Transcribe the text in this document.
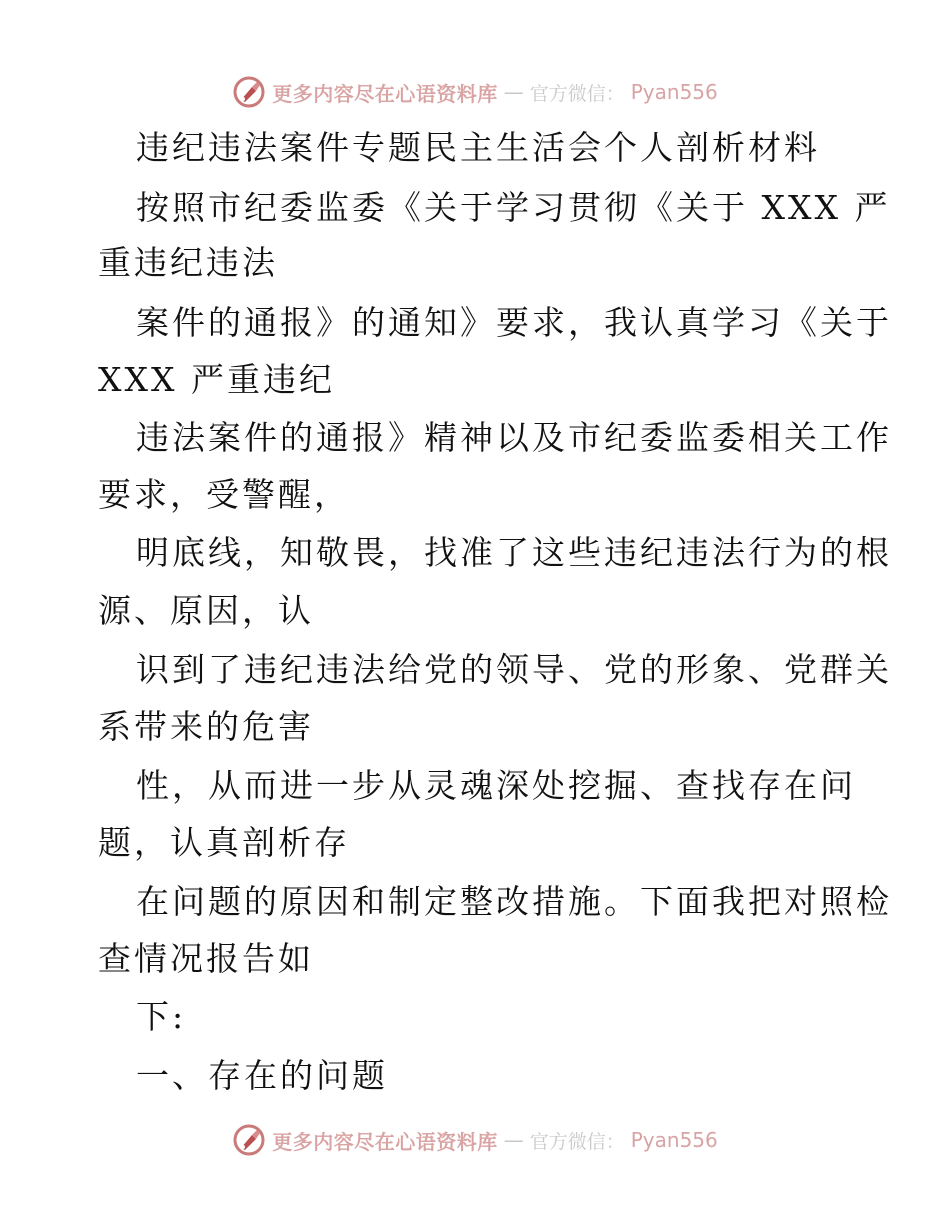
更多内容尽在心语资料库 — 官方微信： Pyan556
违纪违法案件专题民主生活会个人剖析材料
按照市纪委监委《关于学习贯彻《关于 XXX 严
重违纪违法
案件的通报》的通知》要求，我认真学习《关于
XXX 严重违纪
违法案件的通报》精神以及市纪委监委相关工作
要求，受警醒，
明底线，知敬畏，找准了这些违纪违法行为的根
源、原因，认
识到了违纪违法给党的领导、党的形象、党群关
系带来的危害
性，从而进一步从灵魂深处挖掘、查找存在问
题，认真剖析存
在问题的原因和制定整改措施。下面我把对照检
查情况报告如
下:
一、存在的问题
更多内容尽在心语资料库 — 官方微信： Pyan556
